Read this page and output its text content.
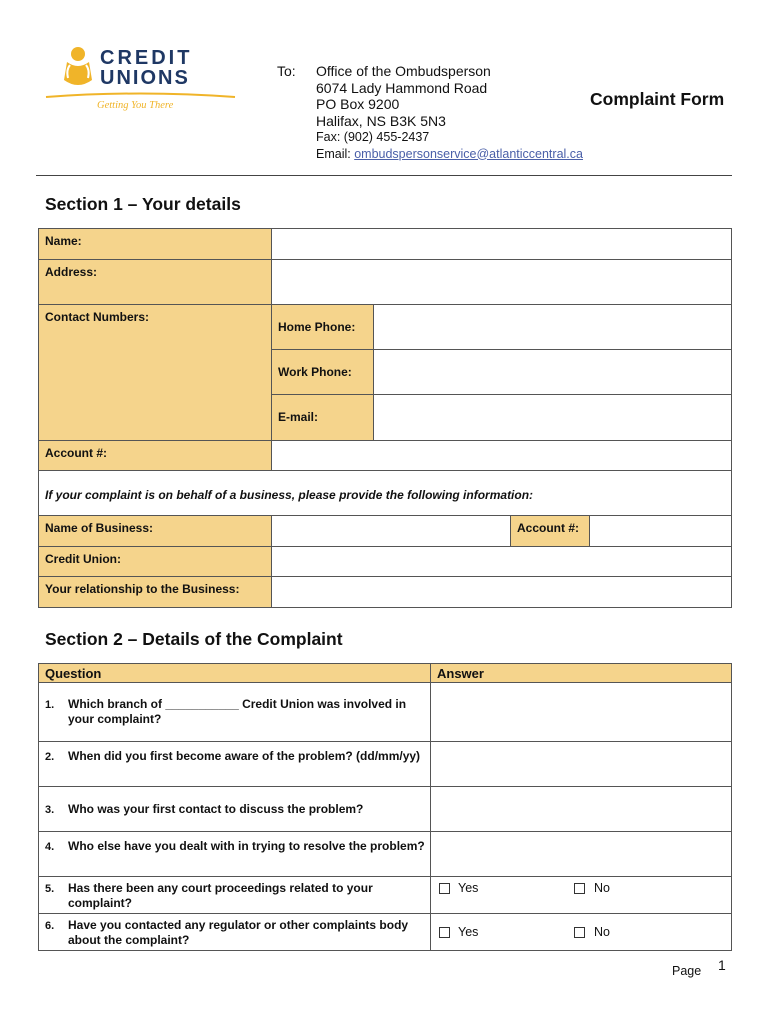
CREDIT
UNIONS
Getting You There
To: Office of the Ombudsperson
6074 Lady Hammond Road
PO Box 9200
Halifax, NS B3K 5N3
Fax: (902) 455-2437
Email: ombudspersonservice@atlanticcentral.ca
Complaint Form
Section 1 – Your details
Name:
Address:
Contact Numbers:
Home Phone:
Work Phone:
E-mail:
Account #:
If your complaint is on behalf of a business, please provide the following information:
Name of Business:	Account #:
Credit Union:
Your relationship to the Business:
Section 2 – Details of the Complaint
Question	Answer
1. Which branch of ___________ Credit Union was involved in your complaint?
2. When did you first become aware of the problem? (dd/mm/yy)
3. Who was your first contact to discuss the problem?
4. Who else have you dealt with in trying to resolve the problem?
5. Has there been any court proceedings related to your complaint?
Yes	No
6. Have you contacted any regulator or other complaints body about the complaint?
Yes	No
Page 1
